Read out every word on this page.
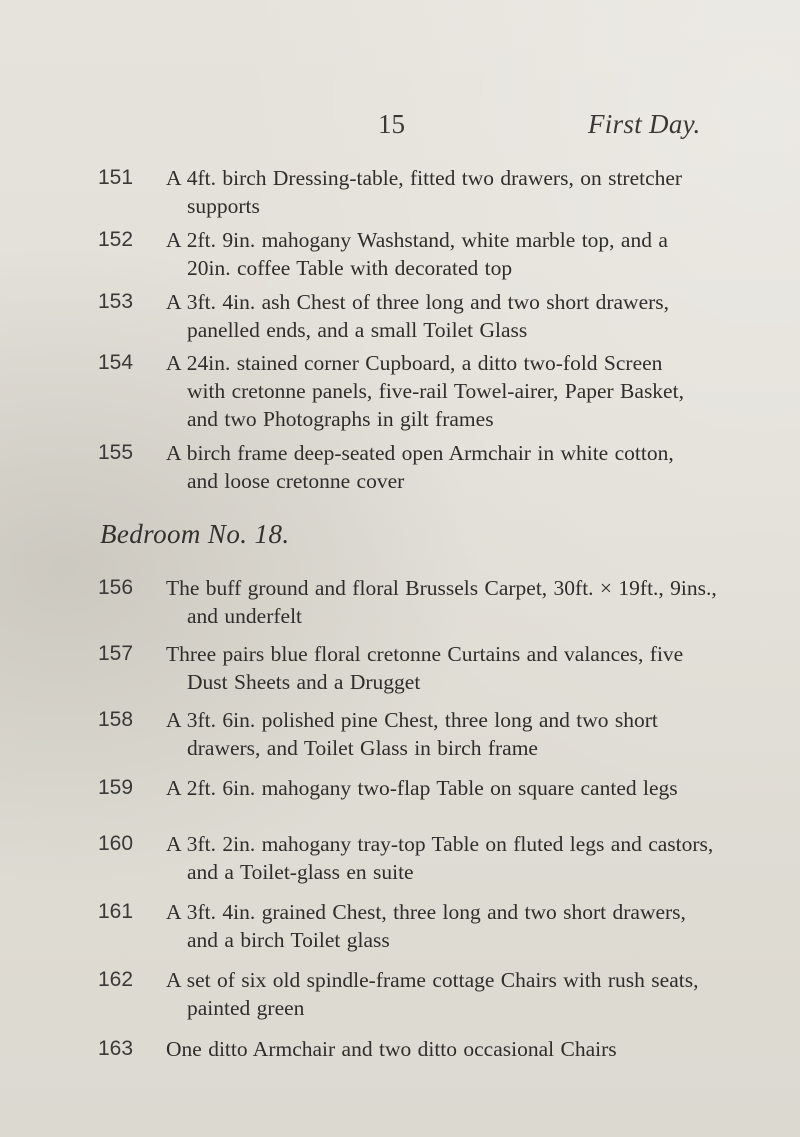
15	First Day.
151	A 4ft. birch Dressing-table, fitted two drawers, on stretcher

supports

152	A 2ft. 9in. mahogany Washstand, white marble top, and a

20in. coffee Table with decorated top

153	A 3ft. 4in. ash Chest of three long and two short drawers,

panelled ends, and a small Toilet Glass

154	A 24in. stained corner Cupboard, a ditto two-fold Screen

with cretonne panels, five-rail Towel-airer, Paper Basket,

and two Photographs in gilt frames

155	A birch frame deep-seated open Armchair in white cotton,

and loose cretonne cover

Bedroom No. 18.
156	The buff ground and floral Brussels Carpet, 30ft. × 19ft., 9ins.,

and underfelt

157	Three pairs blue floral cretonne Curtains and valances, five

Dust Sheets and a Drugget

158	A 3ft. 6in. polished pine Chest, three long and two short

drawers, and Toilet Glass in birch frame

159	A 2ft. 6in. mahogany two-flap Table on square canted legs

160	A 3ft. 2in. mahogany tray-top Table on fluted legs and castors,

and a Toilet-glass en suite

161	A 3ft. 4in. grained Chest, three long and two short drawers,

and a birch Toilet glass

162	A set of six old spindle-frame cottage Chairs with rush seats,

painted green

163	One ditto Armchair and two ditto occasional Chairs
